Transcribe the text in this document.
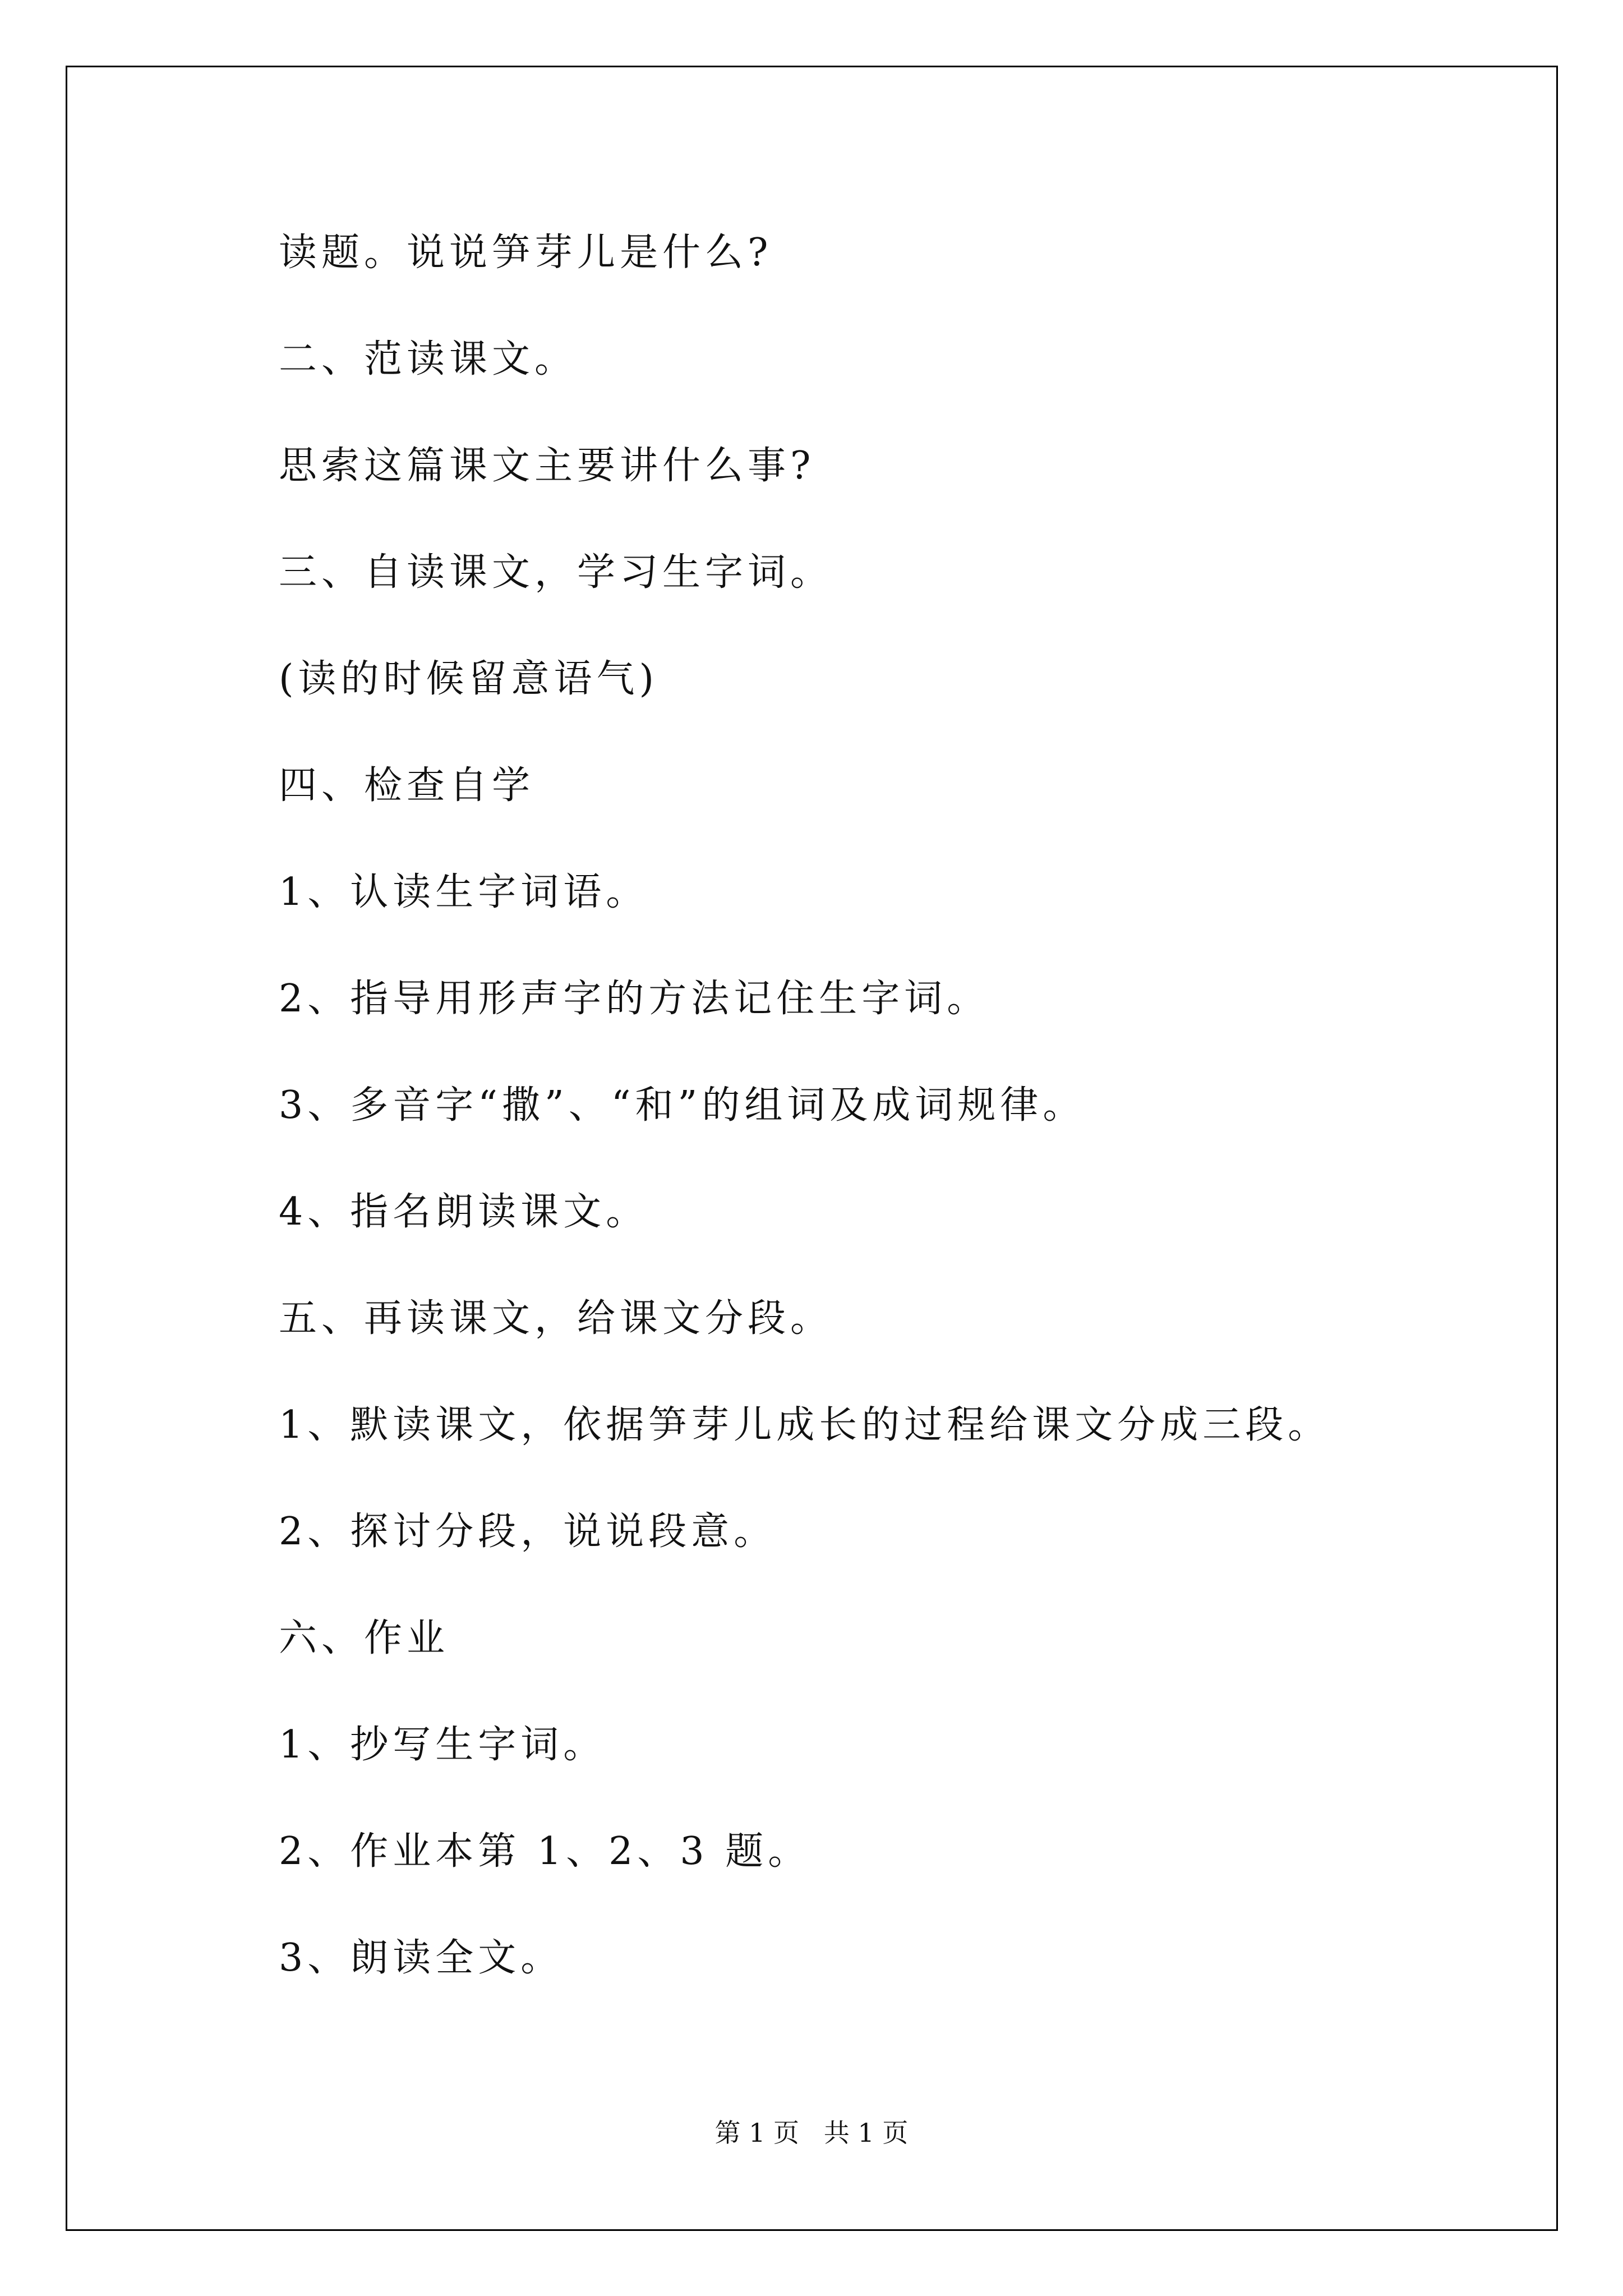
读题。说说笋芽儿是什么?

二、范读课文。

思索这篇课文主要讲什么事?

三、自读课文，学习生字词。

(读的时候留意语气)

四、检查自学

1、认读生字词语。

2、指导用形声字的方法记住生字词。

3、多音字“撒”、“和”的组词及成词规律。

4、指名朗读课文。

五、再读课文，给课文分段。

1、默读课文，依据笋芽儿成长的过程给课文分成三段。

2、探讨分段，说说段意。

六、作业

1、抄写生字词。

2、作业本第 1、2、3 题。

3、朗读全文。

第 1 页   共 1 页
